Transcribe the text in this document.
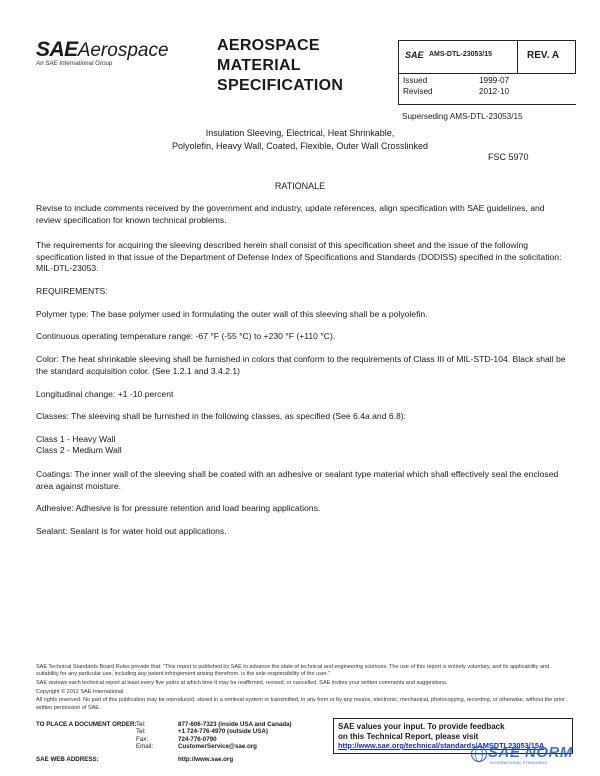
SAEAerospace
An SAE International Group
AEROSPACE
MATERIAL
SPECIFICATION
SAE AMS-DTL-23053/15	REV. A
Issued	1999-07
Revised	2012-10
Superseding AMS-DTL-23053/15
Insulation Sleeving, Electrical, Heat Shrinkable,
Polyolefin, Heavy Wall, Coated, Flexible, Outer Wall Crosslinked
FSC 5970
RATIONALE
Revise to include comments received by the government and industry, update references, align specification with SAE guidelines, and review specification for known technical problems.
The requirements for acquiring the sleeving described herein shall consist of this specification sheet and the issue of the following specification listed in that issue of the Department of Defense Index of Specifications and Standards (DODISS) specified in the solicitation: MIL-DTL-23053.
REQUIREMENTS:
Polymer type: The base polymer used in formulating the outer wall of this sleeving shall be a polyolefin.
Continuous operating temperature range: -67 °F (-55 °C) to +230 °F (+110 °C).
Color: The heat shrinkable sleeving shall be furnished in colors that conform to the requirements of Class III of MIL-STD-104. Black shall be the standard acquisition color. (See 1.2.1 and 3.4.2.1)
Longitudinal change: +1 -10 percent
Classes: The sleeving shall be furnished in the following classes, as specified (See 6.4a and 6.8):
Class 1 - Heavy Wall
Class 2 - Medium Wall
Coatings: The inner wall of the sleeving shall be coated with an adhesive or sealant type material which shall effectively seal the enclosed area against moisture.
Adhesive: Adhesive is for pressure retention and load bearing applications.
Sealant: Sealant is for water hold out applications.
SAE Technical Standards Board Rules provide that: "This report is published by SAE to advance the state of technical and engineering sciences. The use of this report is entirely voluntary, and its applicability and suitability for any particular use, including any patent infringement arising therefrom, is the sole responsibility of the user."
SAE reviews each technical report at least every five years at which time it may be reaffirmed, revised, or cancelled. SAE invites your written comments and suggestions.
Copyright © 2012 SAE International
All rights reserved. No part of this publication may be reproduced, stored in a retrieval system or transmitted, in any form or by any means, electronic, mechanical, photocopying, recording, or otherwise, without the prior written permission of SAE.
TO PLACE A DOCUMENT ORDER: Tel:	877-606-7323 (inside USA and Canada)
Tel:	+1 724-776-4970 (outside USA)
Fax:	724-776-0790
Email:	CustomerService@sae.org
SAE WEB ADDRESS:	http://www.sae.org
SAE values your input. To provide feedback
on this Technical Report, please visit
http://www.sae.org/technical/standards/AMSDTL23053/15A
SAE NORM
INTERNATIONAL STANDARDS
